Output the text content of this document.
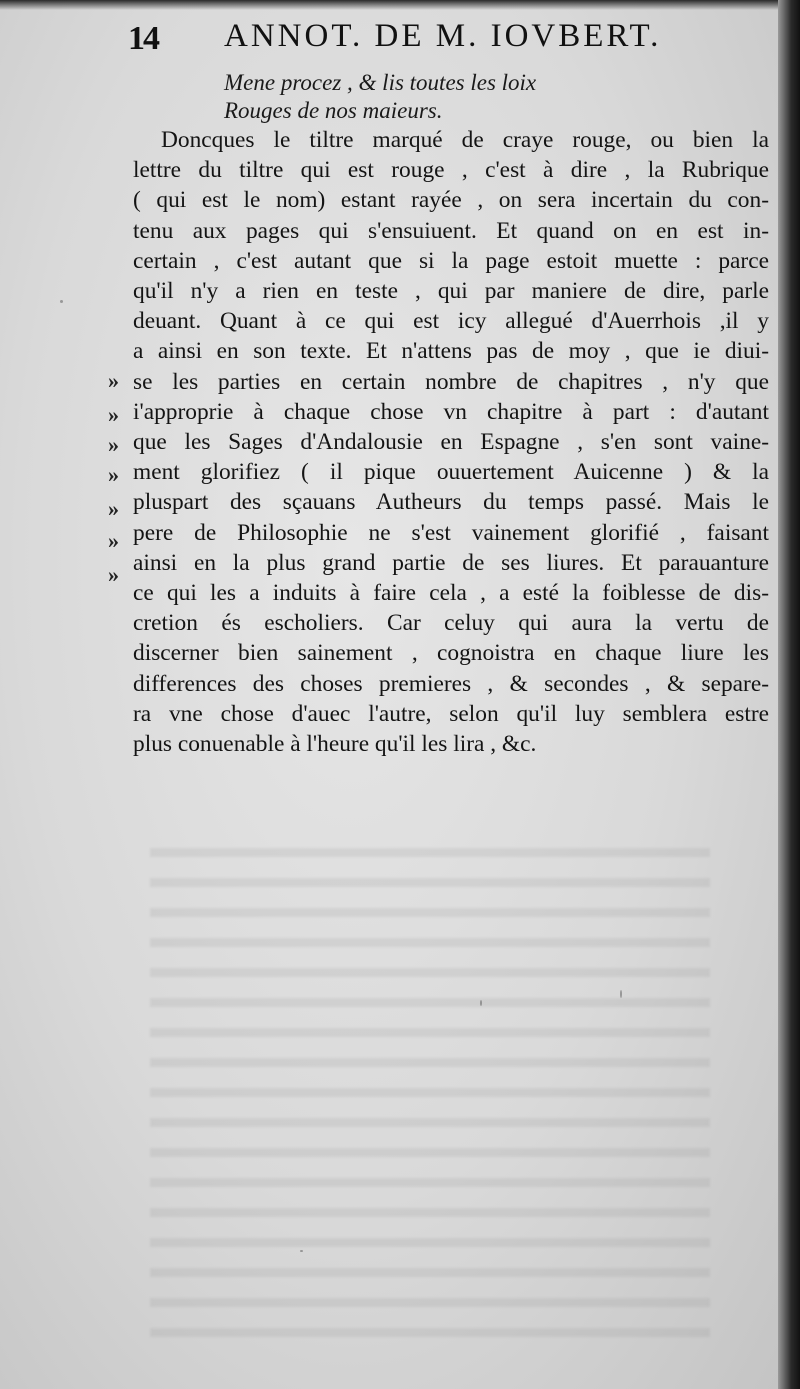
14 ANNOT. DE M. IOVBERT.
Mene procez , & lis toutes les loix
Rouges de nos maieurs.
Doncques le tiltre marqué de craye rouge, ou bien la
lettre du tiltre qui est rouge , c'est à dire , la Rubrique
( qui est le nom) estant rayée , on sera incertain du con-
tenu aux pages qui s'ensuiuent. Et quand on en est in-
certain , c'est autant que si la page estoit muette : parce
qu'il n'y a rien en teste , qui par maniere de dire, parle
deuant. Quant à ce qui est icy allegué d'Auerrhois ,il y
a ainsi en son texte. Et n'attens pas de moy , que ie diui-
se les parties en certain nombre de chapitres , n'y que
i'approprie à chaque chose vn chapitre à part : d'autant
que les Sages d'Andalousie en Espagne , s'en sont vaine-
ment glorifiez ( il pique ouuertement Auicenne ) & la
pluspart des sçauans Autheurs du temps passé. Mais le
pere de Philosophie ne s'est vainement glorifié , faisant
ainsi en la plus grand partie de ses liures. Et parauanture
ce qui les a induits à faire cela , a esté la foiblesse de dis-
cretion és escholiers. Car celuy qui aura la vertu de
discerner bien sainement , cognoistra en chaque liure les
differences des choses premieres , & secondes , & separe-
ra vne chose d'auec l'autre, selon qu'il luy semblera estre
plus conuenable à l'heure qu'il les lira , &c.
»
»
»
»
»
»
»
